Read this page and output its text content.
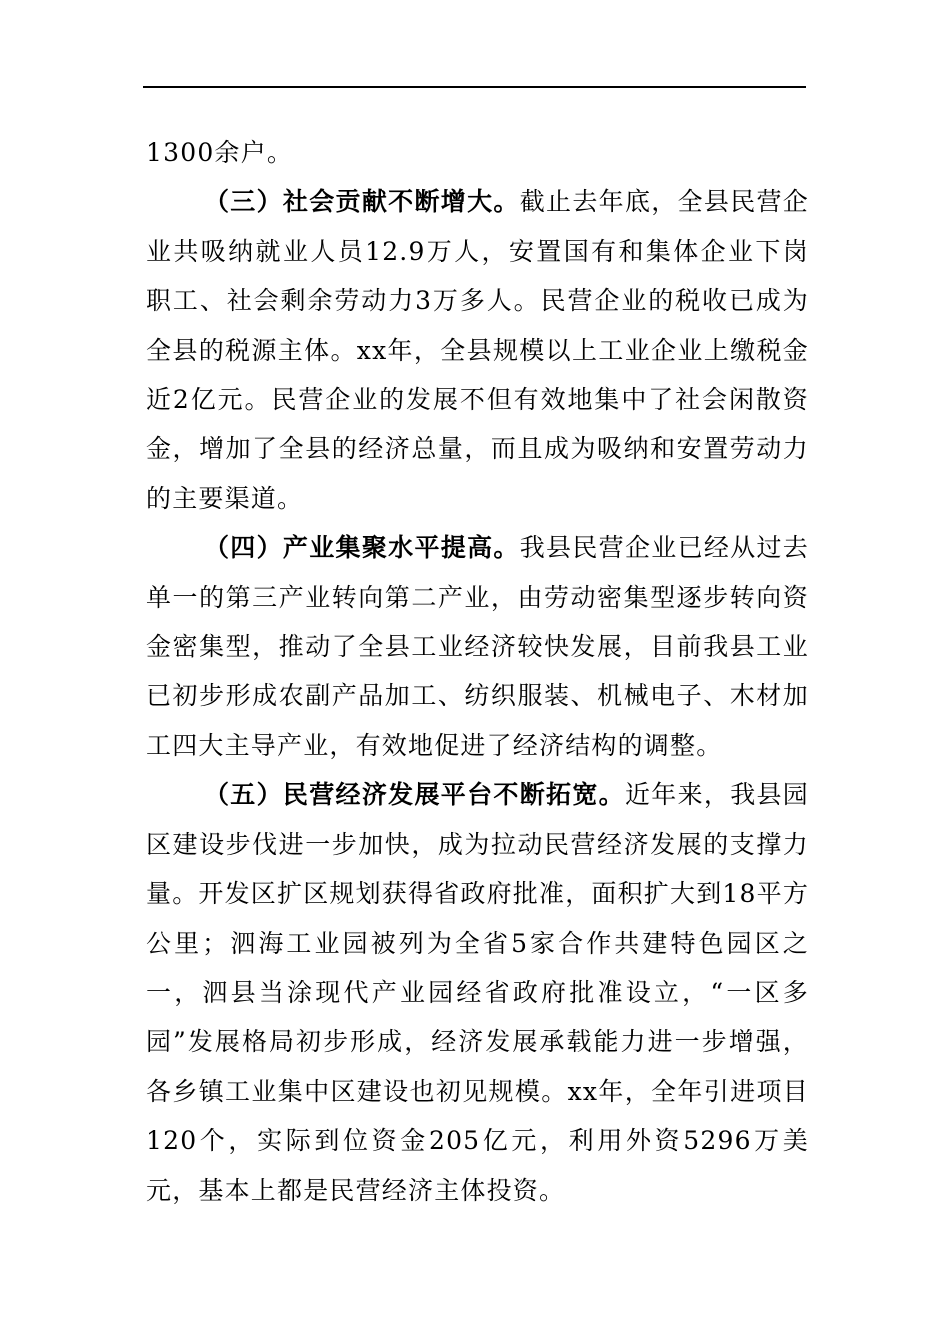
1300余户。

（三）社会贡献不断增大。截止去年底，全县民营企业共吸纳就业人员12.9万人，安置国有和集体企业下岗职工、社会剩余劳动力3万多人。民营企业的税收已成为全县的税源主体。xx年，全县规模以上工业企业上缴税金近2亿元。民营企业的发展不但有效地集中了社会闲散资金，增加了全县的经济总量，而且成为吸纳和安置劳动力的主要渠道。

（四）产业集聚水平提高。我县民营企业已经从过去单一的第三产业转向第二产业，由劳动密集型逐步转向资金密集型，推动了全县工业经济较快发展，目前我县工业已初步形成农副产品加工、纺织服装、机械电子、木材加工四大主导产业，有效地促进了经济结构的调整。

（五）民营经济发展平台不断拓宽。近年来，我县园区建设步伐进一步加快，成为拉动民营经济发展的支撑力量。开发区扩区规划获得省政府批准，面积扩大到18平方公里；泗海工业园被列为全省5家合作共建特色园区之一，泗县当涂现代产业园经省政府批准设立，“一区多园”发展格局初步形成，经济发展承载能力进一步增强，各乡镇工业集中区建设也初见规模。xx年，全年引进项目120个，实际到位资金205亿元，利用外资5296万美元，基本上都是民营经济主体投资。
